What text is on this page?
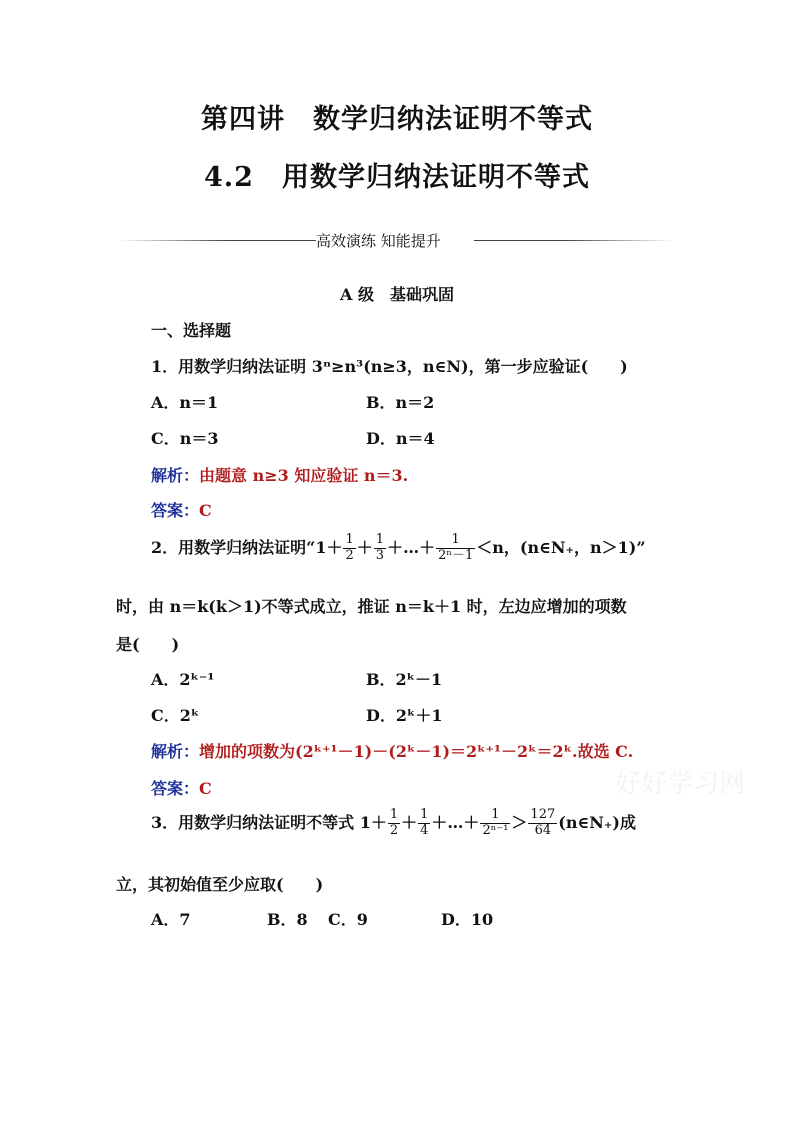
第四讲　数学归纳法证明不等式
4.2　用数学归纳法证明不等式
高效演练 知能提升
A 级　基础巩固
一、选择题
1．用数学归纳法证明 3ⁿ≥n³(n≥3，n∈N)，第一步应验证(　　)
A．n＝1	B．n＝2
C．n＝3	D．n＝4
解析：由题意 n≥3 知应验证 n＝3.
答案：C
2．用数学归纳法证明“$1+ \frac{1}{2} + \frac{1}{3}$ ＋…＋ $\frac{1}{\text{2ⁿ－1}} <n$，(n∈N₊，n＞1)”
时，由 n＝k(k＞1)不等式成立，推证 n＝k＋1 时，左边应增加的项数
是(　　)
A．2ᵏ⁻¹	B．2ᵏ－1
C．2ᵏ	D．2ᵏ＋1
解析：增加的项数为(2ᵏ⁺¹－1)－(2ᵏ－1)＝2ᵏ⁺¹－2ᵏ＝2ᵏ.故选 C.
答案：C	好好学习网
3．用数学归纳法证明不等式 $1+ \frac{1}{2} + \frac{1}{4}$ ＋…＋ $\frac{1}{\text{2ⁿ⁻¹}} > \frac{127}{64}$ (n∈N₊)成
立，其初始值至少应取(　　)
A．7	B．8 C．9	D．10
